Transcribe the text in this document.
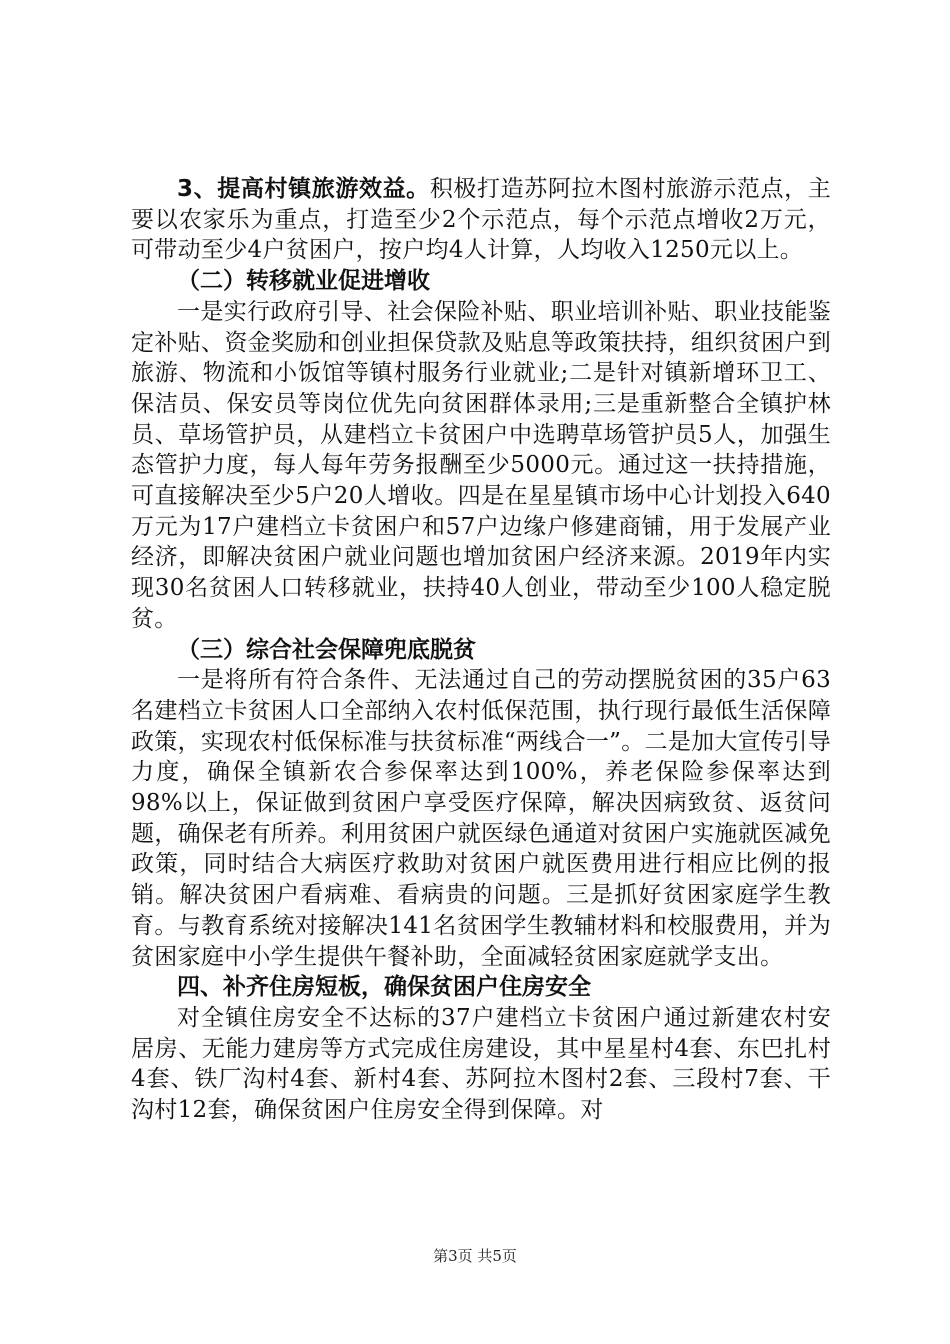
3、提高村镇旅游效益。积极打造苏阿拉木图村旅游示范点，主要以农家乐为重点，打造至少2个示范点，每个示范点增收2万元，可带动至少4户贫困户，按户均4人计算，人均收入1250元以上。

（二）转移就业促进增收

一是实行政府引导、社会保险补贴、职业培训补贴、职业技能鉴定补贴、资金奖励和创业担保贷款及贴息等政策扶持，组织贫困户到旅游、物流和小饭馆等镇村服务行业就业;二是针对镇新增环卫工、保洁员、保安员等岗位优先向贫困群体录用;三是重新整合全镇护林员、草场管护员，从建档立卡贫困户中选聘草场管护员5人，加强生态管护力度，每人每年劳务报酬至少5000元。通过这一扶持措施，可直接解决至少5户20人增收。四是在星星镇市场中心计划投入640万元为17户建档立卡贫困户和57户边缘户修建商铺，用于发展产业经济，即解决贫困户就业问题也增加贫困户经济来源。2019年内实现30名贫困人口转移就业，扶持40人创业，带动至少100人稳定脱贫。

（三）综合社会保障兜底脱贫

一是将所有符合条件、无法通过自己的劳动摆脱贫困的35户63名建档立卡贫困人口全部纳入农村低保范围，执行现行最低生活保障政策，实现农村低保标准与扶贫标准“两线合一”。二是加大宣传引导力度，确保全镇新农合参保率达到100%，养老保险参保率达到98%以上，保证做到贫困户享受医疗保障，解决因病致贫、返贫问题，确保老有所养。利用贫困户就医绿色通道对贫困户实施就医减免政策，同时结合大病医疗救助对贫困户就医费用进行相应比例的报销。解决贫困户看病难、看病贵的问题。三是抓好贫困家庭学生教育。与教育系统对接解决141名贫困学生教辅材料和校服费用，并为贫困家庭中小学生提供午餐补助，全面减轻贫困家庭就学支出。

四、补齐住房短板，确保贫困户住房安全

对全镇住房安全不达标的37户建档立卡贫困户通过新建农村安居房、无能力建房等方式完成住房建设，其中星星村4套、东巴扎村4套、铁厂沟村4套、新村4套、苏阿拉木图村2套、三段村7套、干沟村12套，确保贫困户住房安全得到保障。对

第3页 共5页
